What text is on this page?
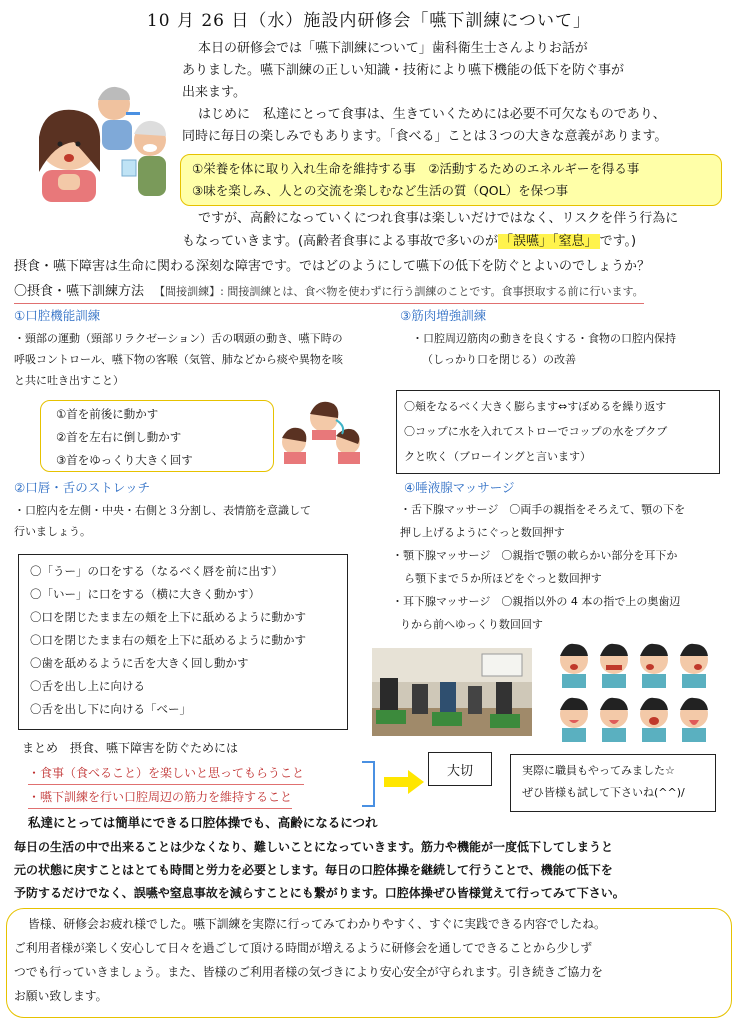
10 月 26 日（水）施設内研修会「嚥下訓練について」

本日の研修会では「嚥下訓練について」歯科衛生士さんよりお話が

ありました。嚥下訓練の正しい知識・技術により嚥下機能の低下を防ぐ事が

出来ます。

はじめに　私達にとって食事は、生きていくためには必要不可欠なものであり、

同時に毎日の楽しみでもあります。「食べる」ことは３つの大きな意義があります。

①栄養を体に取り入れ生命を維持する事　②活動するためのエネルギーを得る事

③味を楽しみ、人との交流を楽しむなど生活の質（QOL）を保つ事

ですが、高齢になっていくにつれ食事は楽しいだけではなく、リスクを伴う行為に

もなっていきます。(高齢者食事による事故で多いのが 「誤嚥」「窒息」 です。)

摂食・嚥下障害は生命に関わる深刻な障害です。ではどのようにして嚥下の低下を防ぐとよいのでしょうか？

〇摂食・嚥下訓練方法 【間接訓練】: 間接訓練とは、食べ物を使わずに行う訓練のことです。食事摂取する前に行います。

①口腔機能訓練
・頸部の運動（頸部リラクゼーション）舌の咽頭の動き、嚥下時の
呼吸コントロール、嚥下物の客喉（気管、肺などから痰や異物を咳
と共に吐き出すこと）
①首を前後に動かす
②首を左右に倒し動かす
③首をゆっくり大きく回す
③筋肉増強訓練
・口腔周辺筋肉の動きを良くする・食物の口腔内保持
（しっかり口を閉じる）の改善
〇頬をなるべく大きく膨らます⇔すぼめるを繰り返す
〇コップに水を入れてストローでコップの水をブクブ
クと吹く（ブローイングと言います）
②口唇・舌のストレッチ
・口腔内を左側・中央・右側と３分割し、表情筋を意識して
行いましょう。
〇「うー」の口をする（なるべく唇を前に出す）
〇「いー」に口をする（横に大きく動かす）
〇口を閉じたまま左の頬を上下に舐めるように動かす
〇口を閉じたまま右の頬を上下に舐めるように動かす
〇歯を舐めるように舌を大きく回し動かす
〇舌を出し上に向ける
〇舌を出し下に向ける「べー」
④唾液腺マッサージ
・舌下腺マッサージ　〇両手の親指をそろえて、顎の下を
押し上げるようにぐっと数回押す
・顎下腺マッサージ　〇親指で顎の軟らかい部分を耳下か
ら顎下まで５か所ほどをぐっと数回押す
・耳下腺マッサージ　〇親指以外の 4 本の指で上の奥歯辺
りから前へゆっくり数回回す
まとめ　摂食、嚥下障害を防ぐためには
・食事（食べること）を楽しいと思ってもらうこと
・嚥下訓練を行い口腔周辺の筋力を維持すること
大切	実際に職員もやってみました☆
ぜひ皆様も試して下さいね(^^)/

私達にとっては簡単にできる口腔体操でも、高齢になるにつれ

毎日の生活の中で出来ることは少なくなり、難しいことになっていきます。筋力や機能が一度低下してしまうと

元の状態に戻すことはとても時間と労力を必要とします。毎日の口腔体操を継続して行うことで、機能の低下を

予防するだけでなく、誤嚥や窒息事故を減らすことにも繋がります。口腔体操ぜひ皆様覚えて行ってみて下さい。

皆様、研修会お疲れ様でした。嚥下訓練を実際に行ってみてわかりやすく、すぐに実践できる内容でしたね。
ご利用者様が楽しく安心して日々を過ごして頂ける時間が増えるように研修会を通してできることから少しず
つでも行っていきましょう。また、皆様のご利用者様の気づきにより安心安全が守られます。引き続きご協力を
お願い致します。
